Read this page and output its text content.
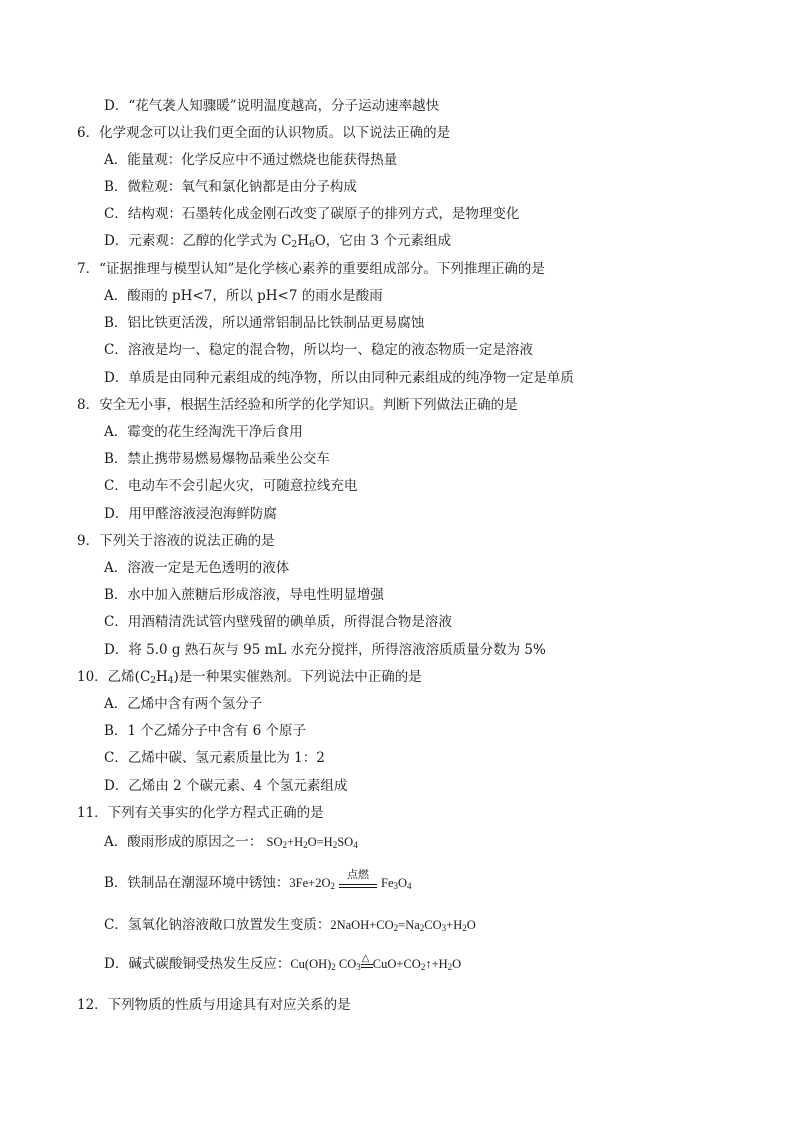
D．“花气袭人知骤暖”说明温度越高，分子运动速率越快
6．化学观念可以让我们更全面的认识物质。以下说法正确的是
A．能量观：化学反应中不通过燃烧也能获得热量
B．微粒观：氧气和氯化钠都是由分子构成
C．结构观：石墨转化成金刚石改变了碳原子的排列方式，是物理变化
D．元素观：乙醇的化学式为 $C_2H_6O$，它由 3 个元素组成
7．“证据推理与模型认知”是化学核心素养的重要组成部分。下列推理正确的是
A．酸雨的 pH<7，所以 pH<7 的雨水是酸雨
B．铝比铁更活泼，所以通常铝制品比铁制品更易腐蚀
C．溶液是均一、稳定的混合物，所以均一、稳定的液态物质一定是溶液
D．单质是由同种元素组成的纯净物，所以由同种元素组成的纯净物一定是单质
8．安全无小事，根据生活经验和所学的化学知识。判断下列做法正确的是
A．霉变的花生经淘洗干净后食用
B．禁止携带易燃易爆物品乘坐公交车
C．电动车不会引起火灾，可随意拉线充电
D．用甲醛溶液浸泡海鲜防腐
9．下列关于溶液的说法正确的是
A．溶液一定是无色透明的液体
B．水中加入蔗糖后形成溶液，导电性明显增强
C．用酒精清洗试管内壁残留的碘单质，所得混合物是溶液
D．将 5.0 g 熟石灰与 95 mL 水充分搅拌，所得溶液溶质质量分数为 5%
10．乙烯$(C_2H_4)$是一种果实催熟剂。下列说法中正确的是
A．乙烯中含有两个氢分子
B．1 个乙烯分子中含有 6 个原子
C．乙烯中碳、氢元素质量比为 1：2
D．乙烯由 2 个碳元素、4 个氢元素组成
11．下列有关事实的化学方程式正确的是
A．酸雨形成的原因之一： $SO_2+H_2O=H_2SO_4$
B．铁制品在潮湿环境中锈蚀：$3Fe+2O_2$
点燃
$Fe_3O_4$
C．氢氧化钠溶液敞口放置发生变质：$2NaOH+CO_2=Na_2CO_3+H_2O$
D．碱式碳酸铜受热发生反应：$Cu(OH)_2$ $CO_3$
△ $CuO+CO_2↑+H_2O$
12．下列物质的性质与用途具有对应关系的是
